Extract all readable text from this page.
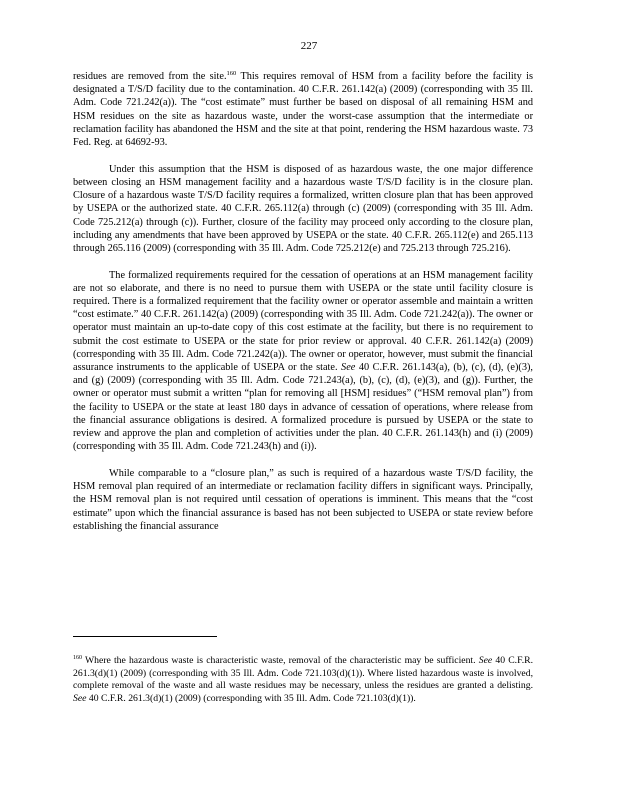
227

residues are removed from the site.$^{160}$ This requires removal of HSM from a facility before the facility is designated a T/S/D facility due to the contamination. 40 C.F.R. 261.142(a) (2009) (corresponding with 35 Ill. Adm. Code 721.242(a)). The “cost estimate” must further be based on disposal of all remaining HSM and HSM residues on the site as hazardous waste, under the worst-case assumption that the intermediate or reclamation facility has abandoned the HSM and the site at that point, rendering the HSM hazardous waste. 73 Fed. Reg. at 64692-93.

Under this assumption that the HSM is disposed of as hazardous waste, the one major difference between closing an HSM management facility and a hazardous waste T/S/D facility is in the closure plan. Closure of a hazardous waste T/S/D facility requires a formalized, written closure plan that has been approved by USEPA or the authorized state. 40 C.F.R. 265.112(a) through (c) (2009) (corresponding with 35 Ill. Adm. Code 725.212(a) through (c)). Further, closure of the facility may proceed only according to the closure plan, including any amendments that have been approved by USEPA or the state. 40 C.F.R. 265.112(e) and 265.113 through 265.116 (2009) (corresponding with 35 Ill. Adm. Code 725.212(e) and 725.213 through 725.216).

The formalized requirements required for the cessation of operations at an HSM management facility are not so elaborate, and there is no need to pursue them with USEPA or the state until facility closure is required. There is a formalized requirement that the facility owner or operator assemble and maintain a written “cost estimate.” 40 C.F.R. 261.142(a) (2009) (corresponding with 35 Ill. Adm. Code 721.242(a)). The owner or operator must maintain an up-to-date copy of this cost estimate at the facility, but there is no requirement to submit the cost estimate to USEPA or the state for prior review or approval. 40 C.F.R. 261.142(a) (2009) (corresponding with 35 Ill. Adm. Code 721.242(a)). The owner or operator, however, must submit the financial assurance instruments to the applicable of USEPA or the state. See 40 C.F.R. 261.143(a), (b), (c), (d), (e)(3), and (g) (2009) (corresponding with 35 Ill. Adm. Code 721.243(a), (b), (c), (d), (e)(3), and (g)). Further, the owner or operator must submit a written “plan for removing all [HSM] residues” (“HSM removal plan”) from the facility to USEPA or the state at least 180 days in advance of cessation of operations, where release from the financial assurance obligations is desired. A formalized procedure is pursued by USEPA or the state to review and approve the plan and completion of activities under the plan. 40 C.F.R. 261.143(h) and (i) (2009) (corresponding with 35 Ill. Adm. Code 721.243(h) and (i)).

While comparable to a “closure plan,” as such is required of a hazardous waste T/S/D facility, the HSM removal plan required of an intermediate or reclamation facility differs in significant ways. Principally, the HSM removal plan is not required until cessation of operations is imminent. This means that the “cost estimate” upon which the financial assurance is based has not been subjected to USEPA or state review before establishing the financial assurance

$^{160}$ Where the hazardous waste is characteristic waste, removal of the characteristic may be sufficient. See 40 C.F.R. 261.3(d)(1) (2009) (corresponding with 35 Ill. Adm. Code 721.103(d)(1)). Where listed hazardous waste is involved, complete removal of the waste and all waste residues may be necessary, unless the residues are granted a delisting. See 40 C.F.R. 261.3(d)(1) (2009) (corresponding with 35 Ill. Adm. Code 721.103(d)(1)).
